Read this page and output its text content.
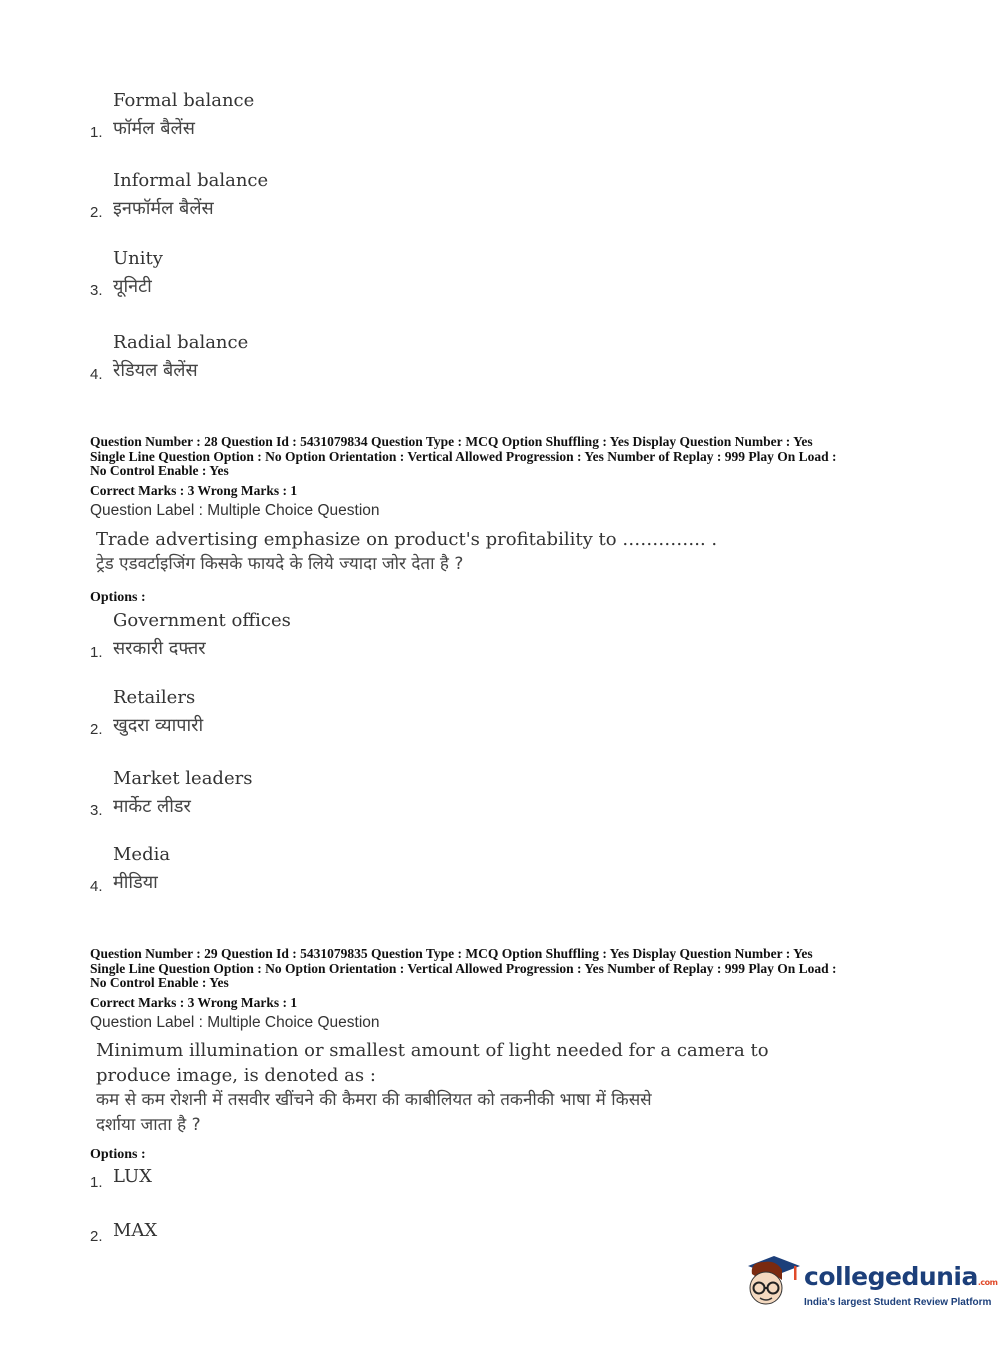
Formal balance
फॉर्मल बैलेंस
1.
Informal balance
इनफॉर्मल बैलेंस
2.
Unity
यूनिटी
3.
Radial balance
रेडियल बैलेंस
4.
Question Number : 28 Question Id : 5431079834 Question Type : MCQ Option Shuffling : Yes Display Question Number : Yes
Single Line Question Option : No Option Orientation : Vertical Allowed Progression : Yes Number of Replay : 999 Play On Load :
No Control Enable : Yes
Correct Marks : 3 Wrong Marks : 1
Question Label : Multiple Choice Question
Trade advertising emphasize on product's profitability to ………….. .
ट्रेड एडवर्टाइजिंग किसके फायदे के लिये ज्यादा जोर देता है ?
Options :
Government offices
सरकारी दफ्तर
1.
Retailers
खुदरा व्यापारी
2.
Market leaders
मार्केट लीडर
3.
Media
मीडिया
4.
Question Number : 29 Question Id : 5431079835 Question Type : MCQ Option Shuffling : Yes Display Question Number : Yes
Single Line Question Option : No Option Orientation : Vertical Allowed Progression : Yes Number of Replay : 999 Play On Load :
No Control Enable : Yes
Correct Marks : 3 Wrong Marks : 1
Question Label : Multiple Choice Question
Minimum illumination or smallest amount of light needed for a camera to
produce image, is denoted as :
कम से कम रोशनी में तसवीर खींचने की कैमरा की काबीलियत को तकनीकी भाषा में किससे
दर्शाया जाता है ?
Options :
LUX
1.
MAX
2.
collegedunia.com
India's largest Student Review Platform
